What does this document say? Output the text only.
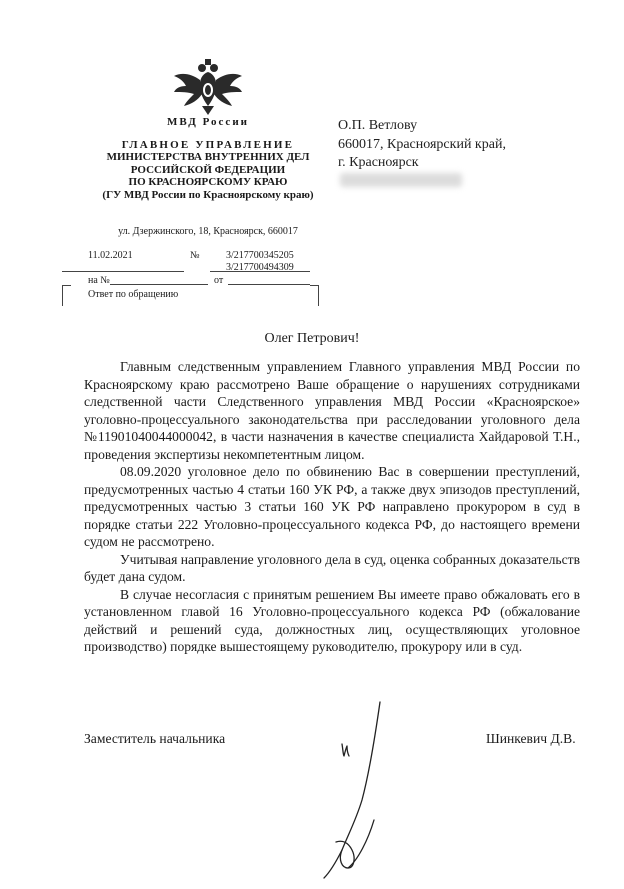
МВД России
ГЛАВНОЕ УПРАВЛЕНИЕ
МИНИСТЕРСТВА ВНУТРЕННИХ ДЕЛ
РОССИЙСКОЙ ФЕДЕРАЦИИ
ПО КРАСНОЯРСКОМУ КРАЮ
(ГУ МВД России по Красноярскому краю)
ул. Дзержинского, 18, Красноярск, 660017
11.02.2021	№	3/217700345205
3/217700494309
на №	от
Ответ по обращению
О.П. Ветлову
660017, Красноярский край,
г. Красноярск
Олег Петрович!

Главным следственным управлением Главного управления МВД России по Красноярскому краю рассмотрено Ваше обращение о нарушениях сотрудниками следственной части Следственного управления МВД России «Красноярское» уголовно-процессуального законодательства при расследовании уголовного дела №11901040044000042, в части назначения в качестве специалиста Хайдаровой Т.Н., проведения экспертизы некомпетентным лицом.

08.09.2020 уголовное дело по обвинению Вас в совершении преступлений, предусмотренных частью 4 статьи 160 УК РФ, а также двух эпизодов преступлений, предусмотренных частью 3 статьи 160 УК РФ направлено прокурором в суд в порядке статьи 222 Уголовно-процессуального кодекса РФ, до настоящего времени судом не рассмотрено.

Учитывая направление уголовного дела в суд, оценка собранных доказательств будет дана судом.

В случае несогласия с принятым решением Вы имеете право обжаловать его в установленном главой 16 Уголовно-процессуального кодекса РФ (обжалование действий и решений суда, должностных лиц, осуществляющих уголовное производство) порядке вышестоящему руководителю, прокурору или в суд.

Заместитель начальника	Шинкевич Д.В.
